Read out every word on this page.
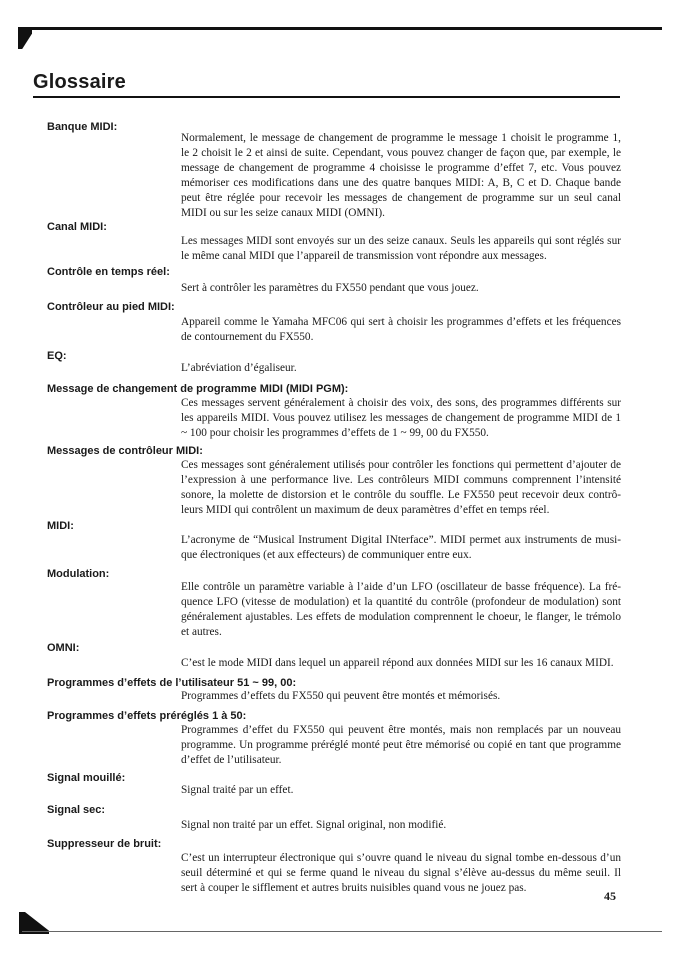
Glossaire
Banque MIDI:
Normalement, le message de changement de programme le message 1 choisit le programme 1,
le 2 choisit le 2 et ainsi de suite. Cependant, vous pouvez changer de façon que, par exemple, le
message de changement de programme 4 choisisse le programme d’effet 7, etc. Vous pouvez
mémoriser ces modifications dans une des quatre banques MIDI: A, B, C et D. Chaque bande
peut être réglée pour recevoir les messages de changement de programme sur un seul canal
MIDI ou sur les seize canaux MIDI (OMNI).
Canal MIDI:
Les messages MIDI sont envoyés sur un des seize canaux. Seuls les appareils qui sont réglés sur
le même canal MIDI que l’appareil de transmission vont répondre aux messages.
Contrôle en temps réel:
Sert à contrôler les paramètres du FX550 pendant que vous jouez.
Contrôleur au pied MIDI:
Appareil comme le Yamaha MFC06 qui sert à choisir les programmes d’effets et les fréquences
de contournement du FX550.
EQ:
L’abréviation d’égaliseur.
Message de changement de programme MIDI (MIDI PGM):
Ces messages servent généralement à choisir des voix, des sons, des programmes différents sur
les appareils MIDI. Vous pouvez utilisez les messages de changement de programme MIDI de 1
~ 100 pour choisir les programmes d’effets de 1 ~ 99, 00 du FX550.
Messages de contrôleur MIDI:
Ces messages sont généralement utilisés pour contrôler les fonctions qui permettent d’ajouter de
l’expression à une performance live. Les contrôleurs MIDI communs comprennent l’intensité
sonore, la molette de distorsion et le contrôle du souffle. Le FX550 peut recevoir deux contrô-
leurs MIDI qui contrôlent un maximum de deux paramètres d’effet en temps réel.
MIDI:
L’acronyme de “Musical Instrument Digital INterface”. MIDI permet aux instruments de musi-
que électroniques (et aux effecteurs) de communiquer entre eux.
Modulation:
Elle contrôle un paramètre variable à l’aide d’un LFO (oscillateur de basse fréquence). La fré-
quence LFO (vitesse de modulation) et la quantité du contrôle (profondeur de modulation) sont
généralement ajustables. Les effets de modulation comprennent le choeur, le flanger, le trémolo
et autres.
OMNI:
C’est le mode MIDI dans lequel un appareil répond aux données MIDI sur les 16 canaux MIDI.
Programmes d’effets de l’utilisateur 51 ~ 99, 00:
Programmes d’effets du FX550 qui peuvent être montés et mémorisés.
Programmes d’effets préréglés 1 à 50:
Programmes d’effet du FX550 qui peuvent être montés, mais non remplacés par un nouveau
programme. Un programme préréglé monté peut être mémorisé ou copié en tant que programme
d’effet de l’utilisateur.
Signal mouillé:
Signal traité par un effet.
Signal sec:
Signal non traité par un effet. Signal original, non modifié.
Suppresseur de bruit:
C’est un interrupteur électronique qui s’ouvre quand le niveau du signal tombe en-dessous d’un
seuil déterminé et qui se ferme quand le niveau du signal s’élève au-dessus du même seuil. Il
sert à couper le sifflement et autres bruits nuisibles quand vous ne jouez pas.
45
